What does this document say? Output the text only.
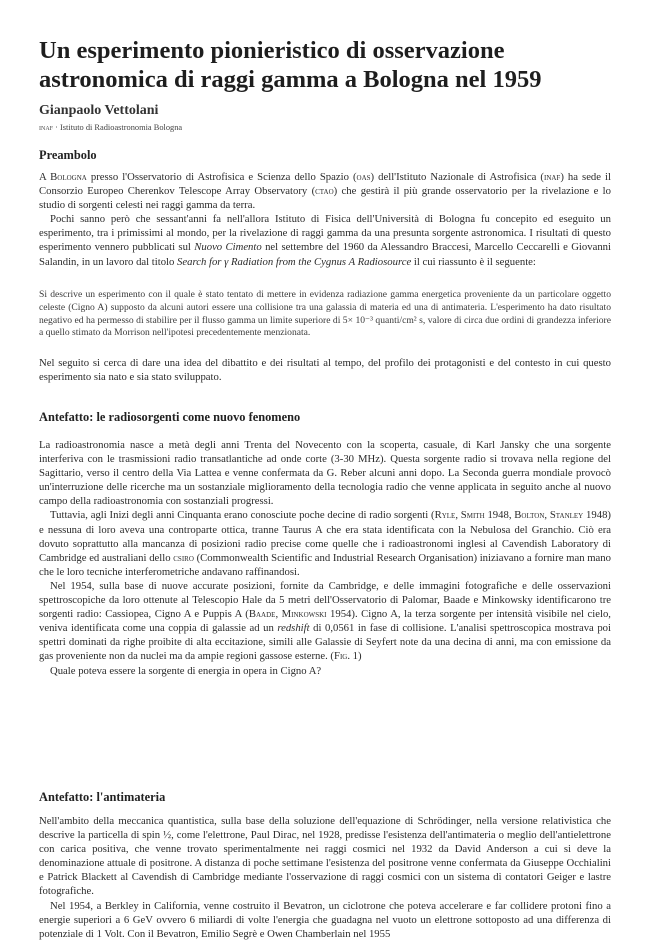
Un esperimento pionieristico di osservazione astronomica di raggi gamma a Bologna nel 1959
Gianpaolo Vettolani
inaf · Istituto di Radioastronomia Bologna
Preambolo

A Bologna presso l'Osservatorio di Astrofisica e Scienza dello Spazio (oas) dell'Istituto Nazionale di Astrofisica (inaf) ha sede il Consorzio Europeo Cherenkov Telescope Array Observatory (ctao) che gestirà il più grande osservatorio per la rivelazione e lo studio di sorgenti celesti nei raggi gamma da terra.

Pochi sanno però che sessant'anni fa nell'allora Istituto di Fisica dell'Università di Bologna fu concepito ed eseguito un esperimento, tra i primissimi al mondo, per la rivelazione di raggi gamma da una presunta sorgente astronomica. I risultati di questo esperimento vennero pubblicati sul Nuovo Cimento nel settembre del 1960 da Alessandro Braccesi, Marcello Ceccarelli e Giovanni Salandin, in un lavoro dal titolo Search for γ Radiation from the Cygnus A Radiosource il cui riassunto è il seguente:

Si descrive un esperimento con il quale è stato tentato di mettere in evidenza radiazione gamma energetica proveniente da un particolare oggetto celeste (Cigno A) supposto da alcuni autori essere una collisione tra una galassia di materia ed una di antimateria. L'esperimento ha dato risultato negativo ed ha permesso di stabilire per il flusso gamma un limite superiore di 5× 10⁻³ quanti/cm² s, valore di circa due ordini di grandezza inferiore a quello stimato da Morrison nell'ipotesi precedentemente menzionata.

Nel seguito si cerca di dare una idea del dibattito e dei risultati al tempo, del profilo dei protagonisti e del contesto in cui questo esperimento sia nato e sia stato sviluppato.

Antefatto: le radiosorgenti come nuovo fenomeno

La radioastronomia nasce a metà degli anni Trenta del Novecento con la scoperta, casuale, di Karl Jansky che una sorgente interferiva con le trasmissioni radio transatlantiche ad onde corte (3-30 MHz). Questa sorgente radio si trovava nella regione del Sagittario, verso il centro della Via Lattea e venne confermata da G. Reber alcuni anni dopo. La Seconda guerra mondiale provocò un'interruzione delle ricerche ma un sostanziale miglioramento della tecnologia radio che venne applicata in seguito anche al nuovo campo della radioastronomia con sostanziali progressi.

Tuttavia, agli Inizi degli anni Cinquanta erano conosciute poche decine di radio sorgenti (Ryle, Smith 1948, Bolton, Stanley 1948) e nessuna di loro aveva una controparte ottica, tranne Taurus A che era stata identificata con la Nebulosa del Granchio. Ciò era dovuto soprattutto alla mancanza di posizioni radio precise come quelle che i radioastronomi inglesi al Cavendish Laboratory di Cambridge ed australiani dello csiro (Commonwealth Scientific and Industrial Research Organisation) iniziavano a fornire man mano che le loro tecniche interferometriche andavano raffinandosi.

Nel 1954, sulla base di nuove accurate posizioni, fornite da Cambridge, e delle immagini fotografiche e delle osservazioni spettroscopiche da loro ottenute al Telescopio Hale da 5 metri dell'Osservatorio di Palomar, Baade e Minkowsky identificarono tre sorgenti radio: Cassiopea, Cigno A e Puppis A (Baade, Minkowski 1954). Cigno A, la terza sorgente per intensità visibile nel cielo, veniva identificata come una coppia di galassie ad un redshift di 0,0561 in fase di collisione. L'analisi spettroscopica mostrava poi spettri dominati da righe proibite di alta eccitazione, simili alle Galassie di Seyfert note da una decina di anni, ma con emissione da gas proveniente non da nuclei ma da ampie regioni gassose esterne. (Fig. 1)

Quale poteva essere la sorgente di energia in opera in Cigno A?

Antefatto: l'antimateria

Nell'ambito della meccanica quantistica, sulla base della soluzione dell'equazione di Schrödinger, nella versione relativistica che descrive la particella di spin ½, come l'elettrone, Paul Dirac, nel 1928, predisse l'esistenza dell'antimateria o meglio dell'antielettrone con carica positiva, che venne trovato sperimentalmente nei raggi cosmici nel 1932 da David Anderson a cui si deve la denominazione attuale di positrone. A distanza di poche settimane l'esistenza del positrone venne confermata da Giuseppe Occhialini e Patrick Blackett al Cavendish di Cambridge mediante l'osservazione di raggi cosmici con un sistema di contatori Geiger e lastre fotografiche.

Nel 1954, a Berkley in California, venne costruito il Bevatron, un ciclotrone che poteva accelerare e far collidere protoni fino a energie superiori a 6 GeV ovvero 6 miliardi di volte l'energia che guadagna nel vuoto un elettrone sottoposto ad una differenza di potenziale di 1 Volt. Con il Bevatron, Emilio Segrè e Owen Chamberlain nel 1955
